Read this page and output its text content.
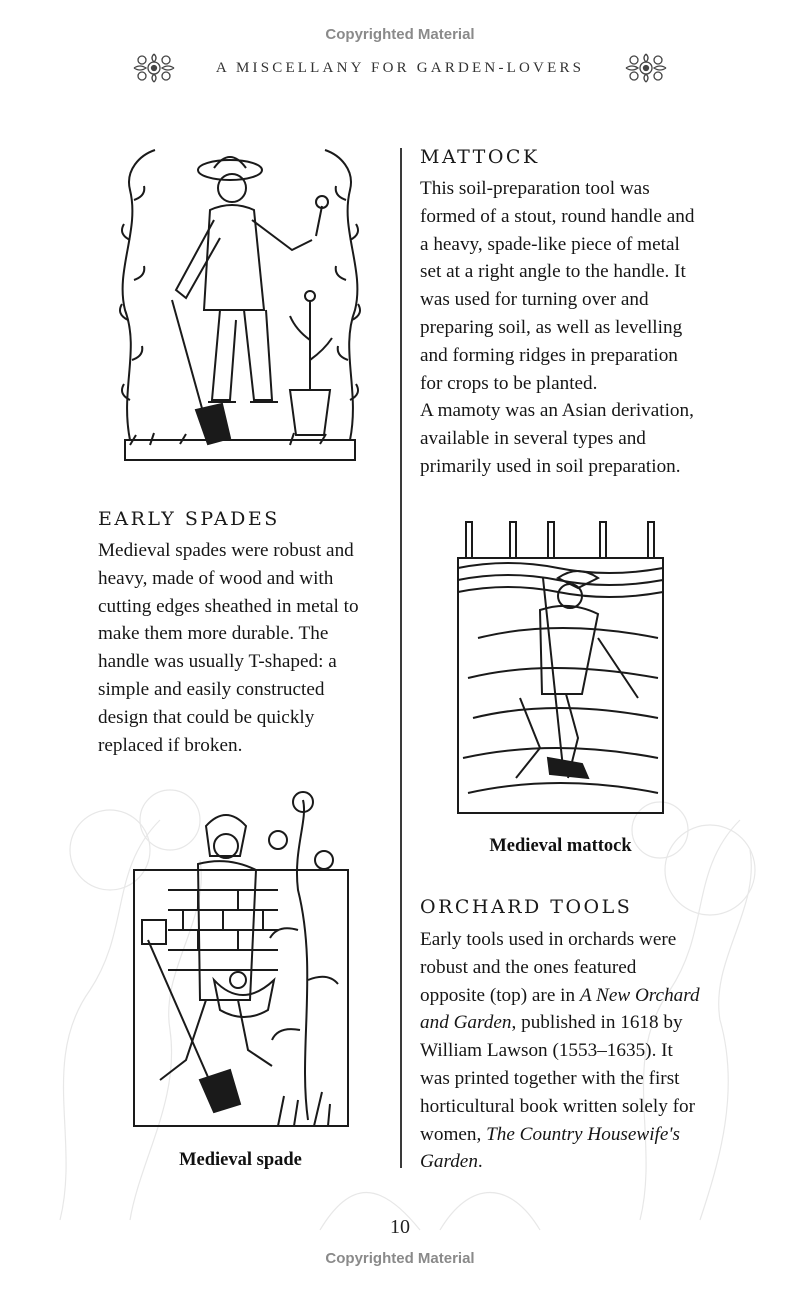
Copyrighted Material
A MISCELLANY FOR GARDEN-LOVERS
MATTOCK
This soil-preparation tool was formed of a stout, round handle and a heavy, spade-like piece of metal set at a right angle to the handle. It was used for turning over and preparing soil, as well as levelling and forming ridges in preparation for crops to be planted.
A mamoty was an Asian derivation, available in several types and primarily used in soil preparation.
Medieval mattock
ORCHARD TOOLS
Early tools used in orchards were robust and the ones featured opposite (top) are in A New Orchard and Garden, published in 1618 by William Lawson (1553–1635). It was printed together with the first horticultural book written solely for women, The Country Housewife's Garden.
EARLY SPADES
Medieval spades were robust and heavy, made of wood and with cutting edges sheathed in metal to make them more durable. The handle was usually T-shaped: a simple and easily constructed design that could be quickly replaced if broken.
Medieval spade
10
Copyrighted Material
